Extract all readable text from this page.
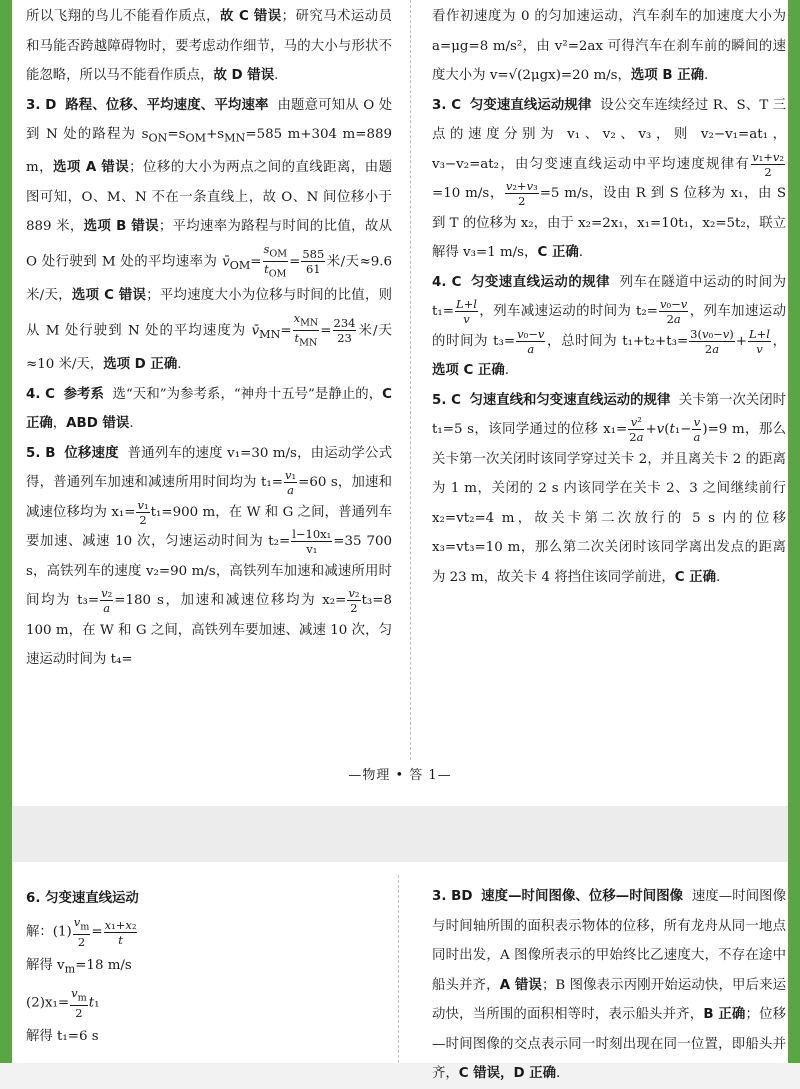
所以飞翔的鸟儿不能看作质点，故 C 错误；研究马术运动员和马能否跨越障碍物时，要考虑动作细节，马的大小与形状不能忽略，所以马不能看作质点，故 D 错误.

3. D 路程、位移、平均速度、平均速率 由题意可知从 O 处到 N 处的路程为 $s_{ON}=s_{OM}+s_{MN}=585$ m+304 m=889 m，选项 A 错误；位移的大小为两点之间的直线距离，由题图可知，O、M、N 不在一条直线上，故 O、N 间位移小于 889 米，选项 B 错误；平均速率为路程与时间的比值，故从 O 处行驶到 M 处的平均速率为 $v̄_{OM}= \frac{s_{OM}}{t_{OM}} = \frac{585}{61}$ 米/天≈9.6 米/天，选项 C 错误；平均速度大小为位移与时间的比值，则从 M 处行驶到 N 处的平均速度为 $v̄_{MN}= \frac{x_{MN}}{t_{MN}} = \frac{234}{23}$ 米/天≈10 米/天，选项 D 正确.

4. C 参考系 选“天和”为参考系，“神舟十五号”是静止的，C 正确，ABD 错误.

5. B 位移速度 普通列车的速度 v₁=30 m/s，由运动学公式得，普通列车加速和减速所用时间均为 $t_1= \frac{\text{v₁}}{a} =60$ s，加速和减速位移均为 $x_1= \frac{\text{v₁}}{2} t_1=900$ m，在 W 和 G 之间，普通列车要加速、减速 10 次，匀速运动时间为 $t_2= \frac{\text{l−10x₁}}{\text{v₁}} =35$ 700 s，高铁列车的速度 v₂=90 m/s，高铁列车加速和减速所用时间均为 $t_3= \frac{\text{v₂}}{a} =180$ s，加速和减速位移均为 $x_2= \frac{\text{v₂}}{2} t_3=8$ 100 m，在 W 和 G 之间，高铁列车要加速、减速 10 次，匀速运动时间为 t₄=

看作初速度为 0 的匀加速运动，汽车刹车的加速度大小为 a=μg=8 m/s²，由 v²=2ax 可得汽车在刹车前的瞬间的速度大小为 v=√(2μgx)=20 m/s，选项 B 正确.

3. C 匀变速直线运动规律 设公交车连续经过 R、S、T 三点的速度分别为 v₁、v₂、v₃，则 v₂−v₁=at₁，v₃−v₂=at₂，由匀变速直线运动中平均速度规律有 $\frac{\text{v₁+v₂}}{2}$
=10 m/s， $\frac{\text{v₂+v₃}}{2} =5$ m/s，设由 R 到 S 位移为 x₁，由 S 到 T 的位移为 x₂，由于 x₂=2x₁，x₁=10t₁，x₂=5t₂，联立解得 v₃=1 m/s，C 正确.

4. C 匀变速直线运动的规律 列车在隧道中运动的时间为 $t_1= \frac{L+l}{v}$ ，列车减速运动的时间为 $t_2= \frac{\text{v₀−v}}{2a}$ ，列车加速运动的时间为 $t_3= \frac{\text{v₀−v}}{a}$ ，总时间为 $t_1+t_2+t_3= \frac{\text{3(v₀−v)}}{2a} + \frac{L+l}{v}$ ，选项 C 正确.

5. C 匀速直线和匀变速直线运动的规律 关卡第一次关闭时 t₁=5 s，该同学通过的位移 $x_1= \frac{\text{v²}}{2a} +v(t_1- \frac{v}{a} )=9$ m，那么关卡第一次关闭时该同学穿过关卡 2，并且离关卡 2 的距离为 1 m，关闭的 2 s 内该同学在关卡 2、3 之间继续前行 x₂=vt₂=4 m，故关卡第二次放行的 5 s 内的位移 x₃=vt₃=10 m，那么第二次关闭时该同学离出发点的距离为 23 m，故关卡 4 将挡住该同学前进，C 正确.

—物理 • 答 1—

6. 匀变速直线运动

解：$(1) \frac{v_m}{2} = \frac{\text{x₁+x₂}}{t}$

解得 $v_m=18$ m/s

$(2)x_1= \frac{v_m}{2} t_1$

解得 t₁=6 s

3. BD 速度—时间图像、位移—时间图像 速度—时间图像与时间轴所围的面积表示物体的位移，所有龙舟从同一地点同时出发，A 图像所表示的甲始终比乙速度大，不存在途中船头并齐，A 错误；B 图像表示丙刚开始运动快，甲后来运动快，当所围的面积相等时，表示船头并齐，B 正确；位移—时间图像的交点表示同一时刻出现在同一位置，即船头并齐，C 错误，D 正确.
